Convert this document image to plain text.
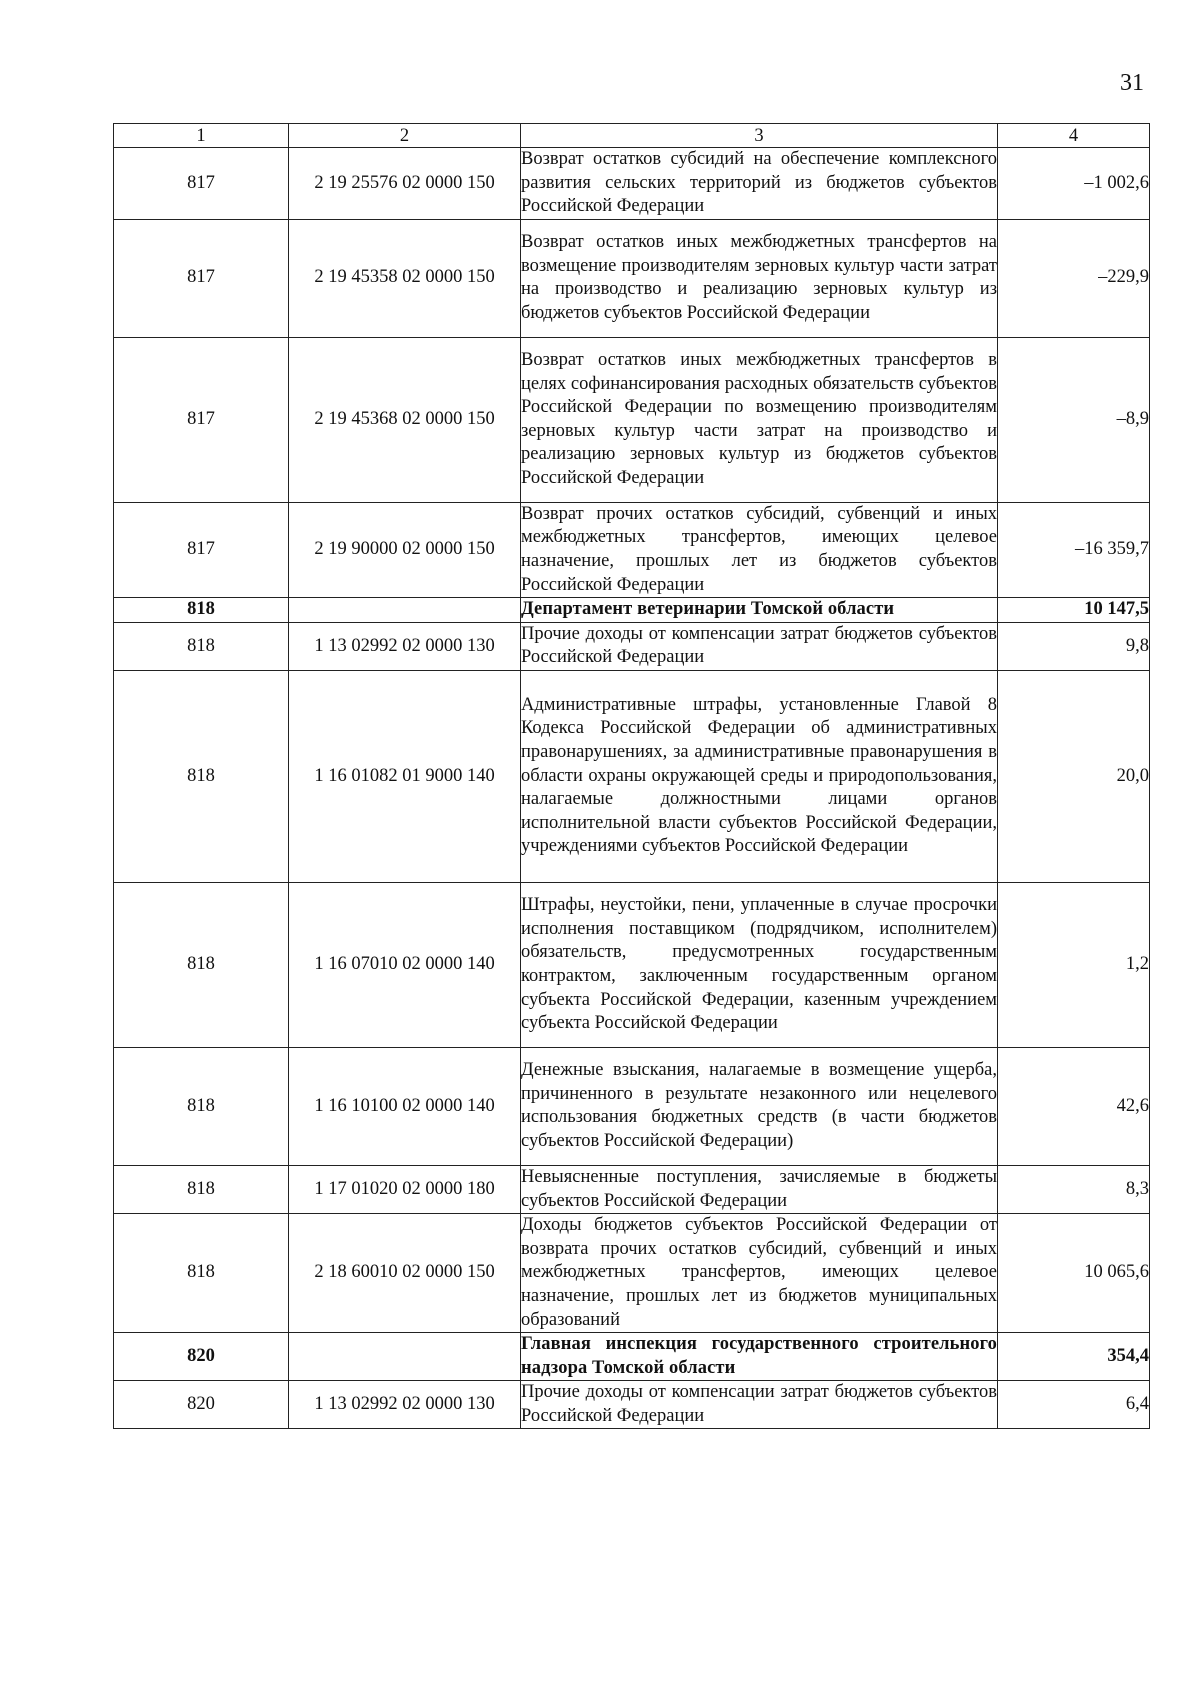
31
1	2	3	4
817	2 19 25576 02 0000 150	Возврат остатков субсидий на обеспечение комплексного развития сельских территорий из бюджетов субъектов Российской Федерации	–1 002,6
817	2 19 45358 02 0000 150	Возврат остатков иных межбюджетных трансфертов на возмещение производителям зерновых культур части затрат на производство и реализацию зерновых культур из бюджетов субъектов Российской Федерации	–229,9
817	2 19 45368 02 0000 150	Возврат остатков иных межбюджетных трансфертов в целях софинансирования расходных обязательств субъектов Российской Федерации по возмещению производителям зерновых культур части затрат на производство и реализацию зерновых культур из бюджетов субъектов Российской Федерации	–8,9
817	2 19 90000 02 0000 150	Возврат прочих остатков субсидий, субвенций и иных межбюджетных трансфертов, имеющих целевое назначение, прошлых лет из бюджетов субъектов Российской Федерации	–16 359,7
818		Департамент ветеринарии Томской области	10 147,5
818	1 13 02992 02 0000 130	Прочие доходы от компенсации затрат бюджетов субъектов Российской Федерации	9,8
818	1 16 01082 01 9000 140	Административные штрафы, установленные Главой 8 Кодекса Российской Федерации об административных правонарушениях, за административные правонарушения в области охраны окружающей среды и природопользования, налагаемые должностными лицами органов исполнительной власти субъектов Российской Федерации, учреждениями субъектов Российской Федерации	20,0
818	1 16 07010 02 0000 140	Штрафы, неустойки, пени, уплаченные в случае просрочки исполнения поставщиком (подрядчиком, исполнителем) обязательств, предусмотренных государственным контрактом, заключенным государственным органом субъекта Российской Федерации, казенным учреждением субъекта Российской Федерации	1,2
818	1 16 10100 02 0000 140	Денежные взыскания, налагаемые в возмещение ущерба, причиненного в результате незаконного или нецелевого использования бюджетных средств (в части бюджетов субъектов Российской Федерации)	42,6
818	1 17 01020 02 0000 180	Невыясненные поступления, зачисляемые в бюджеты субъектов Российской Федерации	8,3
818	2 18 60010 02 0000 150	Доходы бюджетов субъектов Российской Федерации от возврата прочих остатков субсидий, субвенций и иных межбюджетных трансфертов, имеющих целевое назначение, прошлых лет из бюджетов муниципальных образований	10 065,6
820		Главная инспекция государственного строительного надзора Томской области	354,4
820	1 13 02992 02 0000 130	Прочие доходы от компенсации затрат бюджетов субъектов Российской Федерации	6,4
